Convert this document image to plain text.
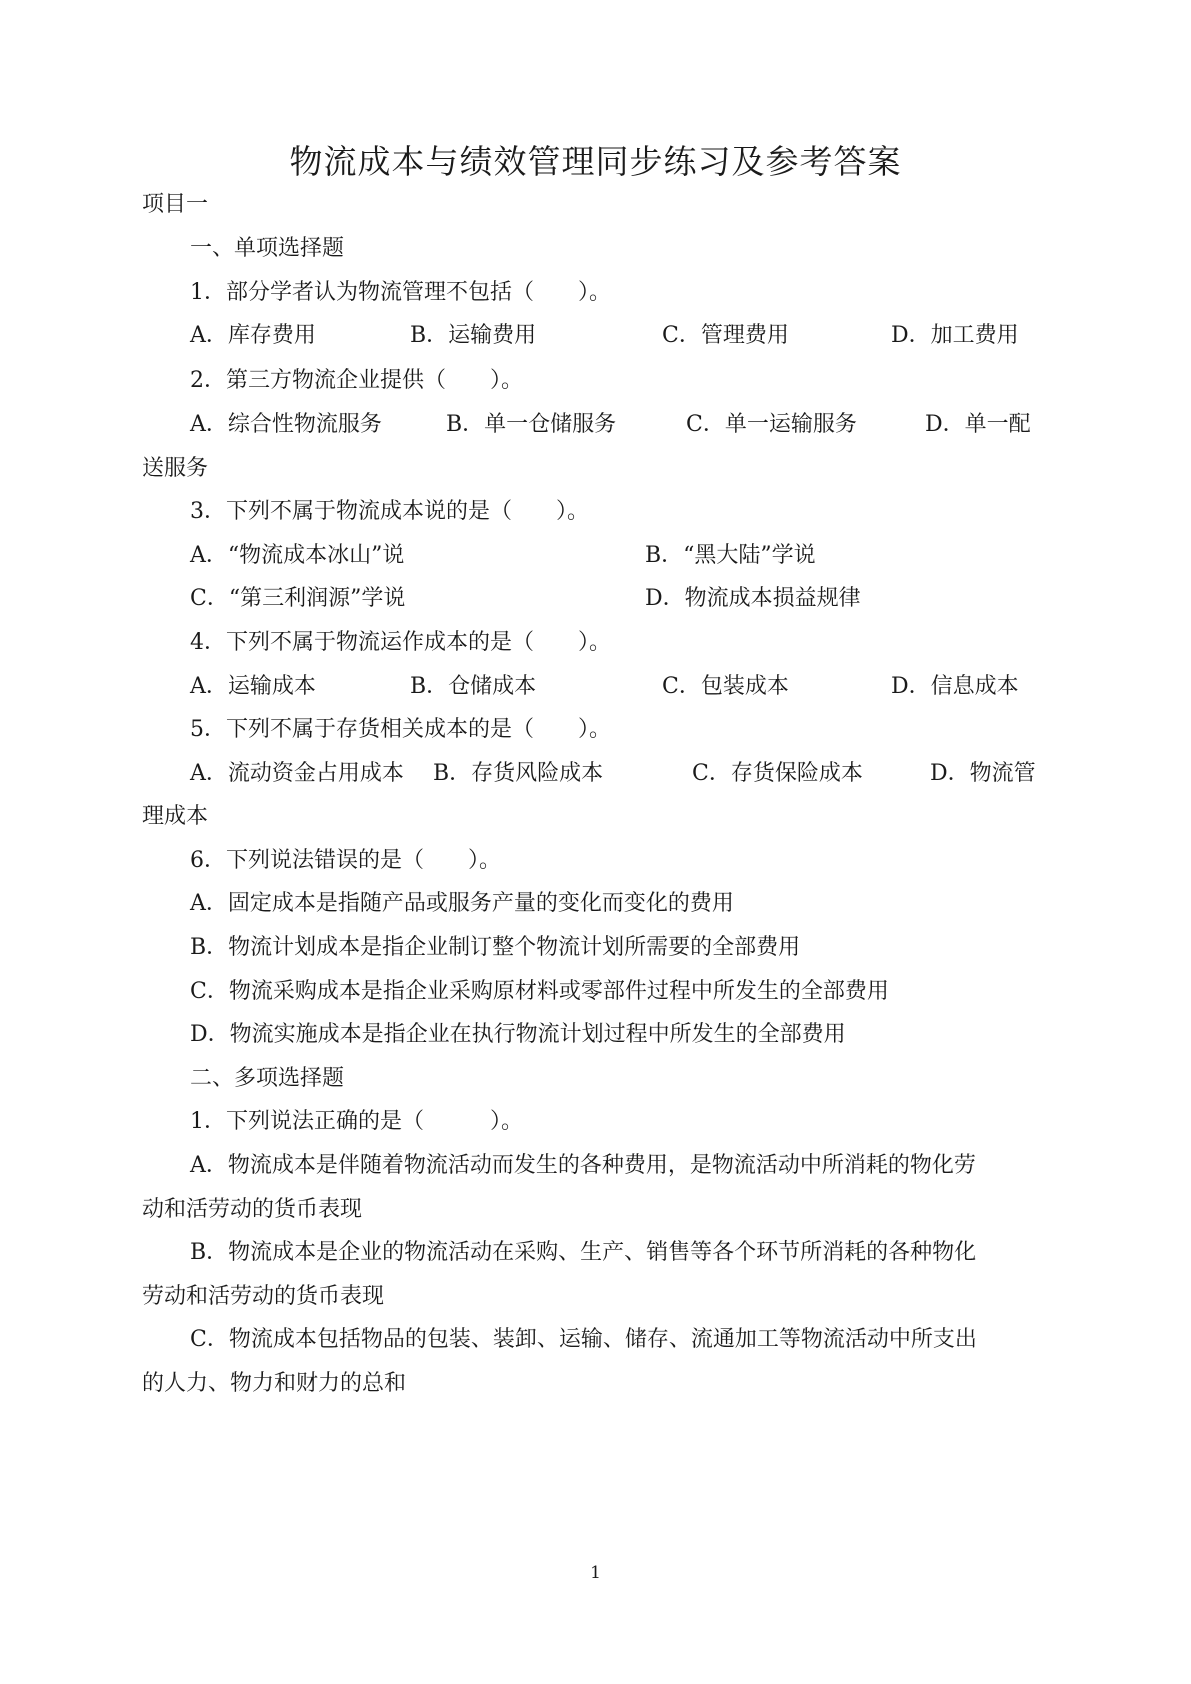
物流成本与绩效管理同步练习及参考答案
项目一
一、单项选择题
1．部分学者认为物流管理不包括（　　）。
A．库存费用	B．运输费用	C．管理费用	D．加工费用
2．第三方物流企业提供（　　）。
A．综合性物流服务	B．单一仓储服务	C．单一运输服务	D．单一配
送服务
3．下列不属于物流成本说的是（　　）。
A．“物流成本冰山”说	B．“黑大陆”学说
C．“第三利润源”学说	D．物流成本损益规律
4．下列不属于物流运作成本的是（　　）。
A．运输成本	B．仓储成本	C．包装成本	D．信息成本
5．下列不属于存货相关成本的是（　　）。
A．流动资金占用成本 B．存货风险成本	C．存货保险成本	D．物流管
理成本
6．下列说法错误的是（　　）。
A．固定成本是指随产品或服务产量的变化而变化的费用
B．物流计划成本是指企业制订整个物流计划所需要的全部费用
C．物流采购成本是指企业采购原材料或零部件过程中所发生的全部费用
D．物流实施成本是指企业在执行物流计划过程中所发生的全部费用
二、多项选择题
1．下列说法正确的是（　　　）。
A．物流成本是伴随着物流活动而发生的各种费用，是物流活动中所消耗的物化劳
动和活劳动的货币表现
B．物流成本是企业的物流活动在采购、生产、销售等各个环节所消耗的各种物化
劳动和活劳动的货币表现
C．物流成本包括物品的包装、装卸、运输、储存、流通加工等物流活动中所支出
的人力、物力和财力的总和
1
